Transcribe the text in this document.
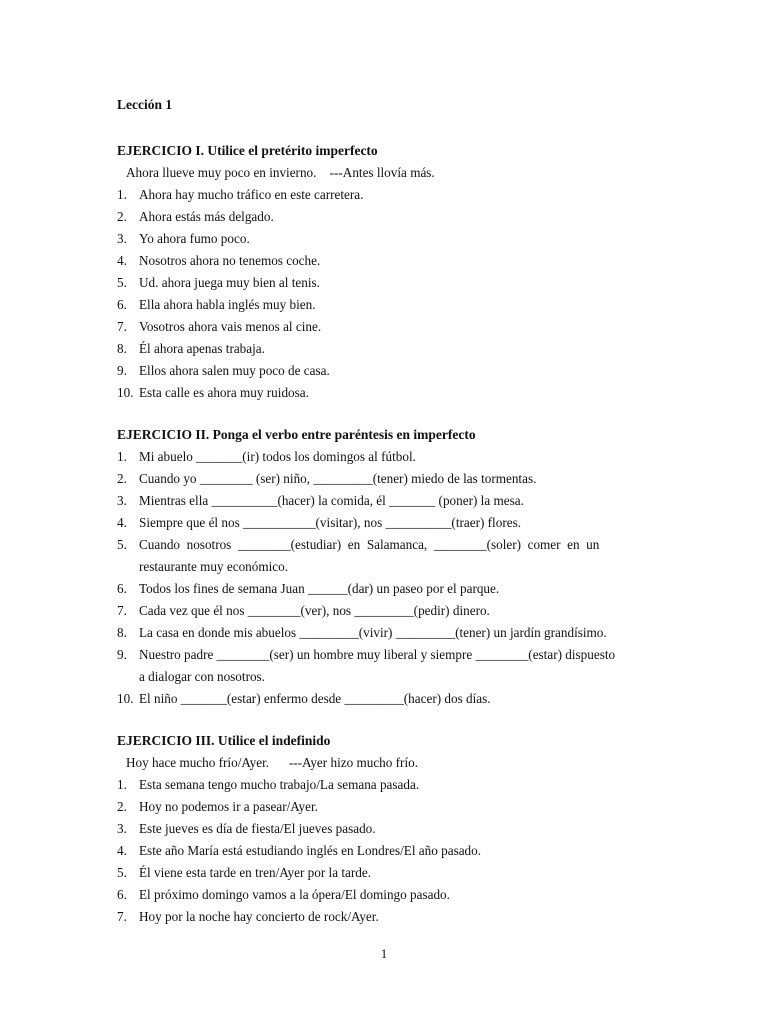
Lección 1
EJERCICIO I. Utilice el pretérito imperfecto
Ahora llueve muy poco en invierno.    ---Antes llovía más.
1. Ahora hay mucho tráfico en este carretera.
2. Ahora estás más delgado.
3. Yo ahora fumo poco.
4. Nosotros ahora no tenemos coche.
5. Ud. ahora juega muy bien al tenis.
6. Ella ahora habla inglés muy bien.
7. Vosotros ahora vais menos al cine.
8. Él ahora apenas trabaja.
9. Ellos ahora salen muy poco de casa.
10. Esta calle es ahora muy ruidosa.
EJERCICIO II. Ponga el verbo entre paréntesis en imperfecto
1. Mi abuelo _______(ir) todos los domingos al fútbol.
2. Cuando yo ________ (ser) niño, _________(tener) miedo de las tormentas.
3. Mientras ella __________(hacer) la comida, él _______ (poner) la mesa.
4. Siempre que él nos ___________(visitar), nos __________(traer) flores.
5. Cuando  nosotros  ________(estudiar)  en  Salamanca,  ________(soler)  comer  en  un
restaurante muy económico.
6. Todos los fines de semana Juan ______(dar) un paseo por el parque.
7. Cada vez que él nos ________(ver), nos _________(pedir) dinero.
8. La casa en donde mis abuelos _________(vivir) _________(tener) un jardín grandísimo.
9. Nuestro padre ________(ser) un hombre muy liberal y siempre ________(estar) dispuesto
a dialogar con nosotros.
10. El niño _______(estar) enfermo desde _________(hacer) dos días.
EJERCICIO III. Utilice el indefinido
Hoy hace mucho frío/Ayer.      ---Ayer hizo mucho frío.
1. Esta semana tengo mucho trabajo/La semana pasada.
2. Hoy no podemos ir a pasear/Ayer.
3. Este jueves es día de fiesta/El jueves pasado.
4. Este año María está estudiando inglés en Londres/El año pasado.
5. Él viene esta tarde en tren/Ayer por la tarde.
6. El próximo domingo vamos a la ópera/El domingo pasado.
7. Hoy por la noche hay concierto de rock/Ayer.
1
